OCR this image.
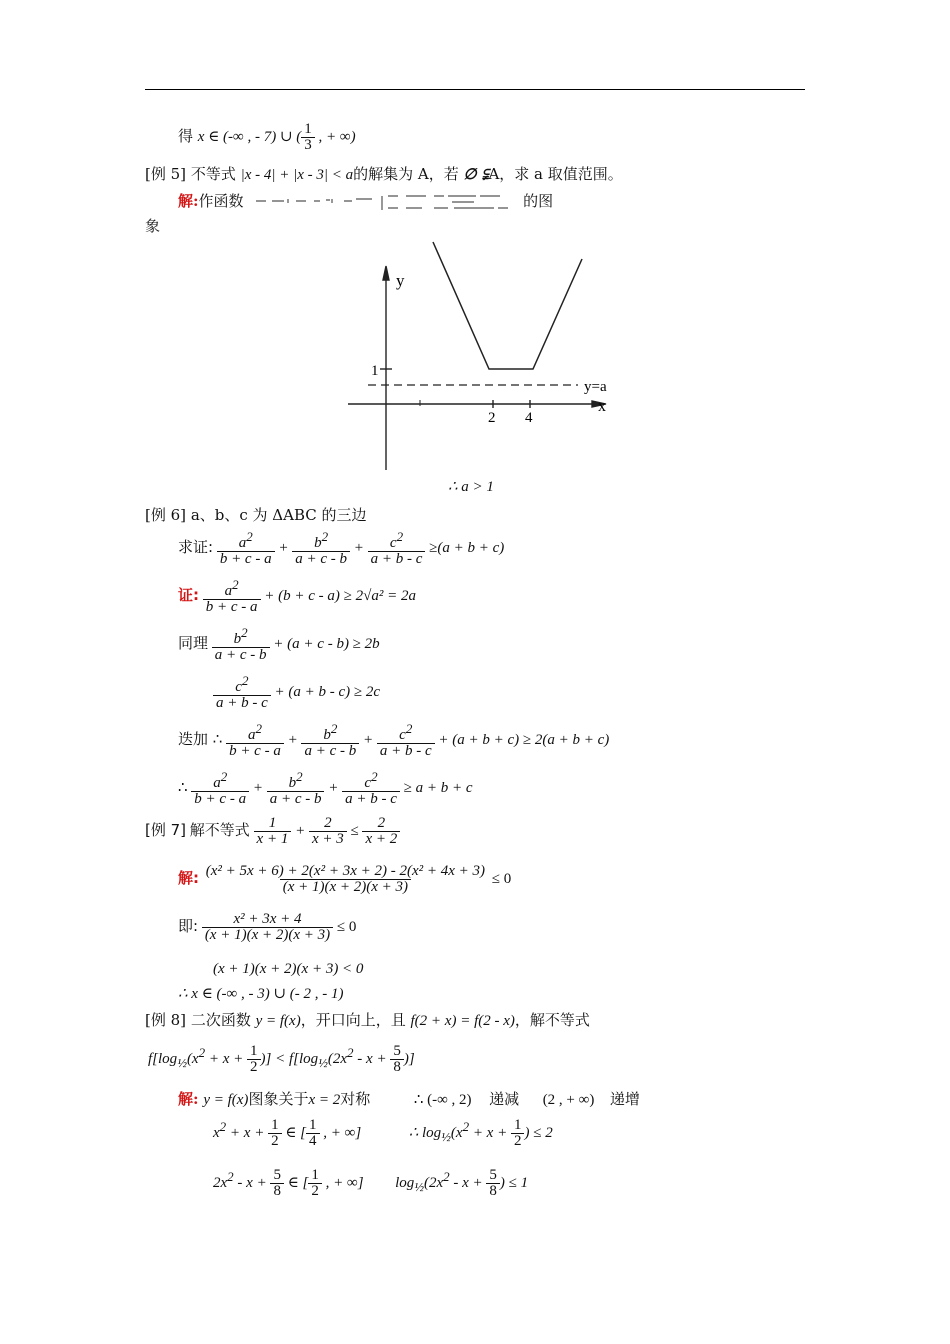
得 x ∈ (-∞ , - 7) ∪ ( $\frac{1}{3}$ , + ∞)
[例 5] 不等式 |x - 4| + |x - 3| < a的解集为 A，若 ∅ ⫋A，求 a 取值范围。
解:作函数	的图
象
y
x
1
2 4
y=a
∴ a > 1
[例 6] a、b、c 为 ΔABC 的三边
求证: $\frac{a^2}{b + c - a} + \frac{b^2}{a + c - b} + \frac{c^2}{a + b - c} \ge(a + b + c)$
证: $\frac{a^2}{b + c - a} + (b + c - a) \ge 2√a^2 = 2a$
同理 $\frac{b^2}{a + c - b} + (a + c - b) \ge 2b$
$\frac{c^2}{a + b - c} + (a + b - c) \ge 2c$
迭加 ∴ $\frac{a^2}{b + c - a} + \frac{b^2}{a + c - b} + \frac{c^2}{a + b - c} + (a + b + c) \ge 2(a + b + c)$
∴ $\frac{a^2}{b + c - a} + \frac{b^2}{a + c - b} + \frac{c^2}{a + b - c} \ge a + b + c$
[例 7] 解不等式 $\frac{1}{x + 1} + \frac{2}{x + 3} \le \frac{2}{x + 2}$
解: $\frac{\text{(x² + 5x + 6) + 2(x² + 3x + 2) - 2(x² + 4x + 3)}}{(x + 1)(x + 2)(x + 3)} \le 0$
即: $\frac{\text{x² + 3x + 4}}{(x + 1)(x + 2)(x + 3)} \le 0$
(x + 1)(x + 2)(x + 3) < 0
∴ x ∈ (-∞ , - 3) ∪ (- 2 , - 1)
[例 8] 二次函数 y = f(x)，开口向上，且 f(2 + x) = f(2 - x)，解不等式
$f[\log_{\frac{1}{2}}(x^2 + x + \frac{1}{2}$ )] < $f[\log_{\frac{1}{2}}(2x^2 - x + \frac{5}{8}$ )]
解: y = f(x)图象关于x = 2对称	∴ (-∞ , 2) 递减 (2 , + ∞) 递增
$x^2 + x + \frac{1}{2}$ ∈ [ $\frac{1}{4}$ , + ∞]	∴ $\log_{\frac{1}{2}}(x^2 + x + \frac{1}{2}$ ) ≤ 2
$2x^2 - x + \frac{5}{8}$ ∈ [ $\frac{1}{2}$ , + ∞]  $\log_{\frac{1}{2}}(2x^2 - x + \frac{5}{8}$ ) ≤ 1
